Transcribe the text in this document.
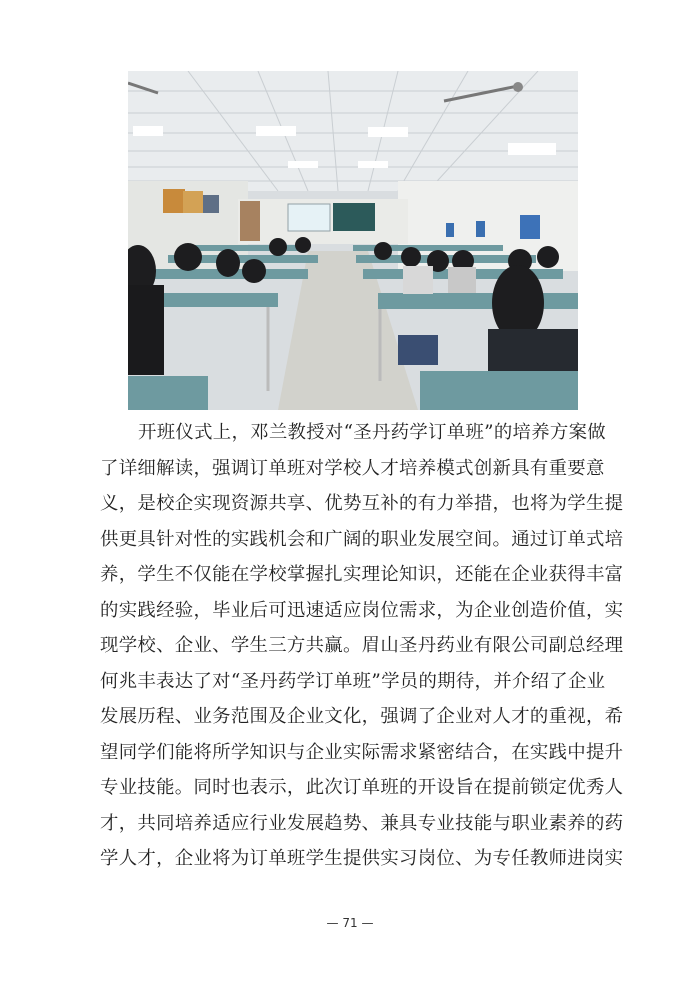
开班仪式上，邓兰教授对“圣丹药学订单班”的培养方案做
了详细解读，强调订单班对学校人才培养模式创新具有重要意
义，是校企实现资源共享、优势互补的有力举措，也将为学生提
供更具针对性的实践机会和广阔的职业发展空间。通过订单式培
养，学生不仅能在学校掌握扎实理论知识，还能在企业获得丰富
的实践经验，毕业后可迅速适应岗位需求，为企业创造价值，实
现学校、企业、学生三方共赢。眉山圣丹药业有限公司副总经理
何兆丰表达了对“圣丹药学订单班”学员的期待，并介绍了企业
发展历程、业务范围及企业文化，强调了企业对人才的重视，希
望同学们能将所学知识与企业实际需求紧密结合，在实践中提升
专业技能。同时也表示，此次订单班的开设旨在提前锁定优秀人
才，共同培养适应行业发展趋势、兼具专业技能与职业素养的药
学人才，企业将为订单班学生提供实习岗位、为专任教师进岗实
— 71 —
